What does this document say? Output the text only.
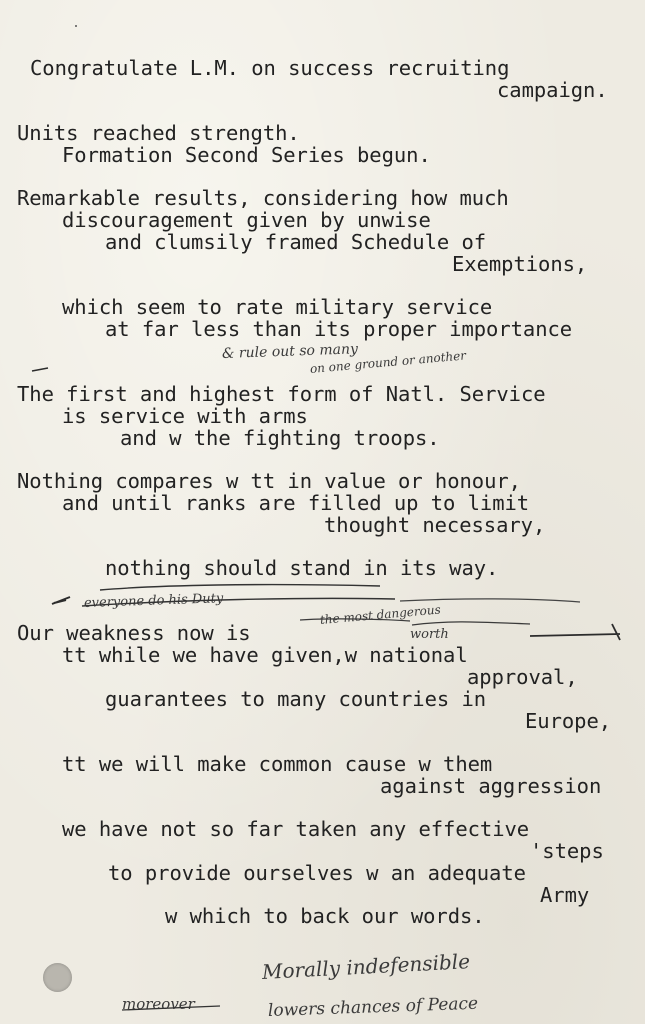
Congratulate L.M. on success recruiting
campaign.
Units reached strength.
Formation Second Series begun.
Remarkable results, considering how much
discouragement given by unwise
and clumsily framed Schedule of
Exemptions,
which seem to rate military service
at far less than its proper importance
The first and highest form of Natl. Service
is service with arms
and w the fighting troops.
Nothing compares w tt in value or honour,
and until ranks are filled up to limit
thought necessary,
nothing should stand in its way.
Our weakness now is
tt while we have given,w national
approval,
guarantees to many countries in
Europe,
tt we will make common cause w them
against aggression
we have not so far taken any effective
'steps
to provide ourselves w an adequate
Army
w which to back our words.
& rule out so many
on one ground or another
everyone do his Duty
the most dangerous
worth
Morally indefensible
moreover	lowers chances of Peace
